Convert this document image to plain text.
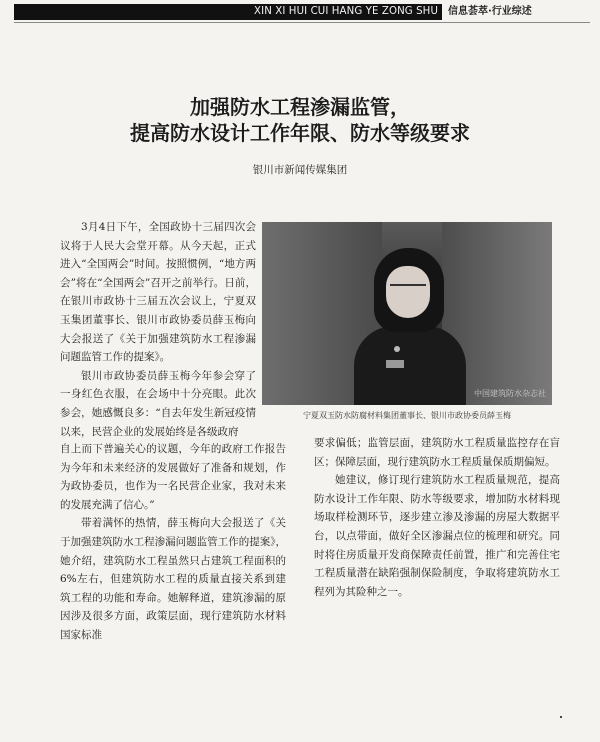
XIN XI HUI CUI HANG YE ZONG SHU	信息荟萃·行业综述
加强防水工程渗漏监管，
提高防水设计工作年限、防水等级要求
银川市新闻传媒集团

3月4日下午，全国政协十三届四次会议将于人民大会堂开幕。从今天起，正式进入“全国两会”时间。按照惯例，“地方两会”将在“全国两会”召开之前举行。日前，在银川市政协十三届五次会议上，宁夏双玉集团董事长、银川市政协委员薛玉梅向大会报送了《关于加强建筑防水工程渗漏问题监管工作的提案》。

银川市政协委员薛玉梅今年参会穿了一身红色衣服，在会场中十分亮眼。此次参会，她感慨良多：“自去年发生新冠疫情以来，民营企业的发展始终是各级政府

中国建筑防水杂志社
宁夏双玉防水防腐材料集团董事长、银川市政协委员薛玉梅

自上而下普遍关心的议题，今年的政府工作报告为今年和未来经济的发展做好了准备和规划，作为政协委员，也作为一名民营企业家，我对未来的发展充满了信心。”

带着满怀的热情，薛玉梅向大会报送了《关于加强建筑防水工程渗漏问题监管工作的提案》，她介绍，建筑防水工程虽然只占建筑工程面积的6%左右，但建筑防水工程的质量直接关系到建筑工程的功能和寿命。她解释道，建筑渗漏的原因涉及很多方面，政策层面，现行建筑防水材料国家标准

要求偏低；监管层面，建筑防水工程质量监控存在盲区；保障层面，现行建筑防水工程质量保质期偏短。

她建议，修订现行建筑防水工程质量规范，提高防水设计工作年限、防水等级要求，增加防水材料现场取样检测环节，逐步建立渗及渗漏的房屋大数据平台，以点带面，做好全区渗漏点位的梳理和研究。同时将住房质量开发商保障责任前置，推广和完善住宅工程质量潜在缺陷强制保险制度，争取将建筑防水工程列为其险种之一。
